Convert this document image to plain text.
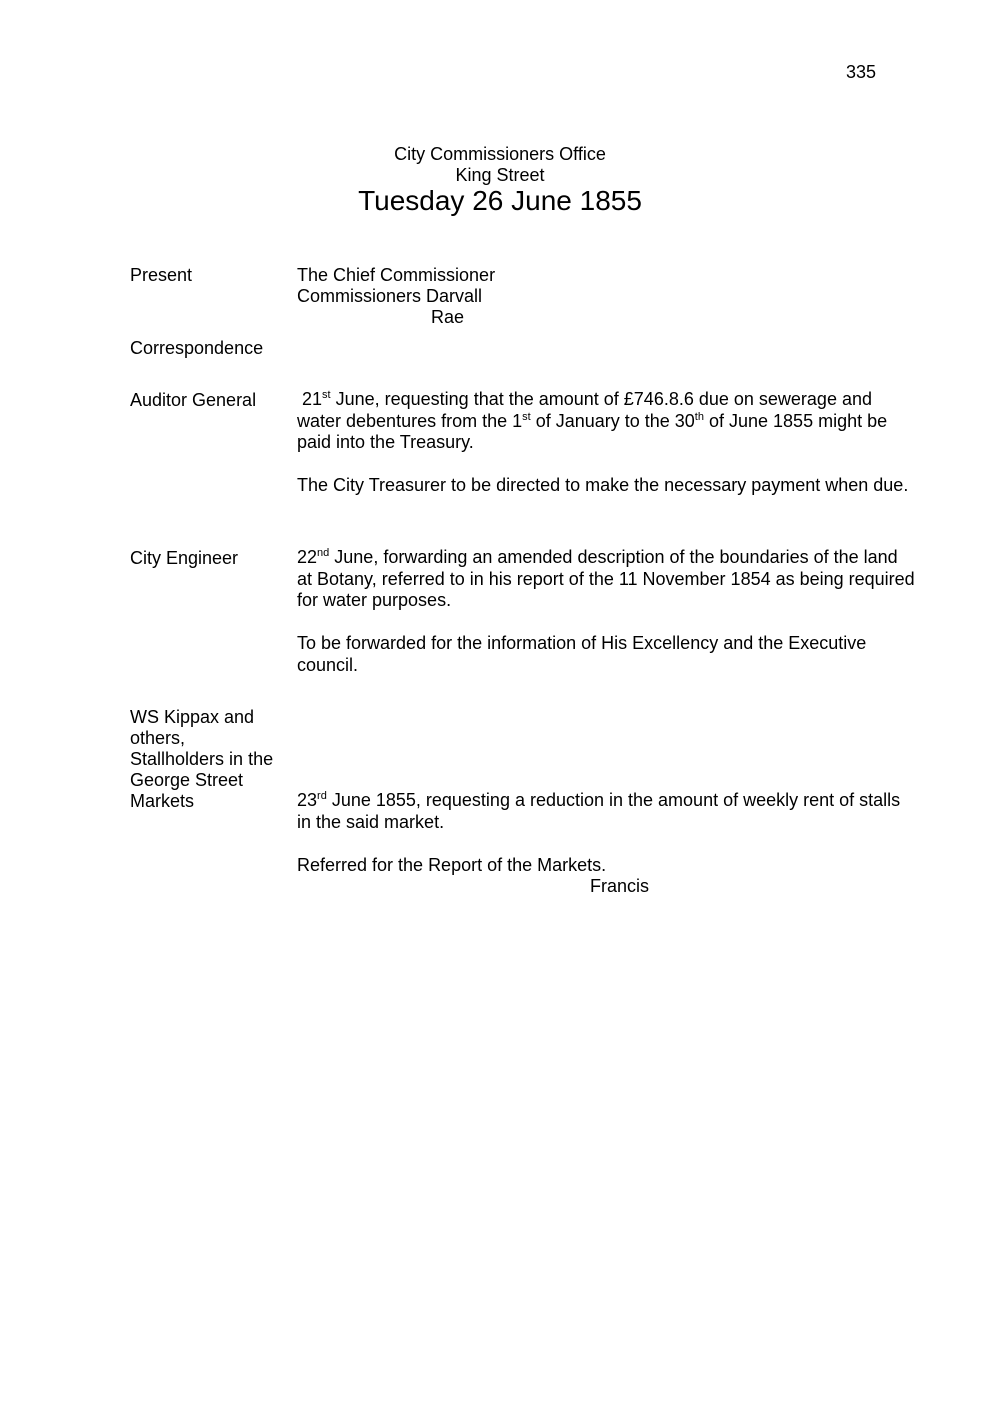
335
City Commissioners Office
King Street
Tuesday 26 June 1855
Present	The Chief Commissioner
Commissioners Darvall
Rae
Correspondence
Auditor General	21st June, requesting that the amount of £746.8.6 due on sewerage and water debentures from the 1st of January to the 30th of June 1855 might be paid into the Treasury.
The City Treasurer to be directed to make the necessary payment when due.
City Engineer	22nd June, forwarding an amended description of the boundaries of the land at Botany, referred to in his report of the 11 November 1854 as being required for water purposes.
To be forwarded for the information of His Excellency and the Executive council.
WS Kippax and
others,
Stallholders in the
George Street
Markets	23rd June 1855, requesting a reduction in the amount of weekly rent of stalls in the said market.
Referred for the Report of the Markets.
Francis
